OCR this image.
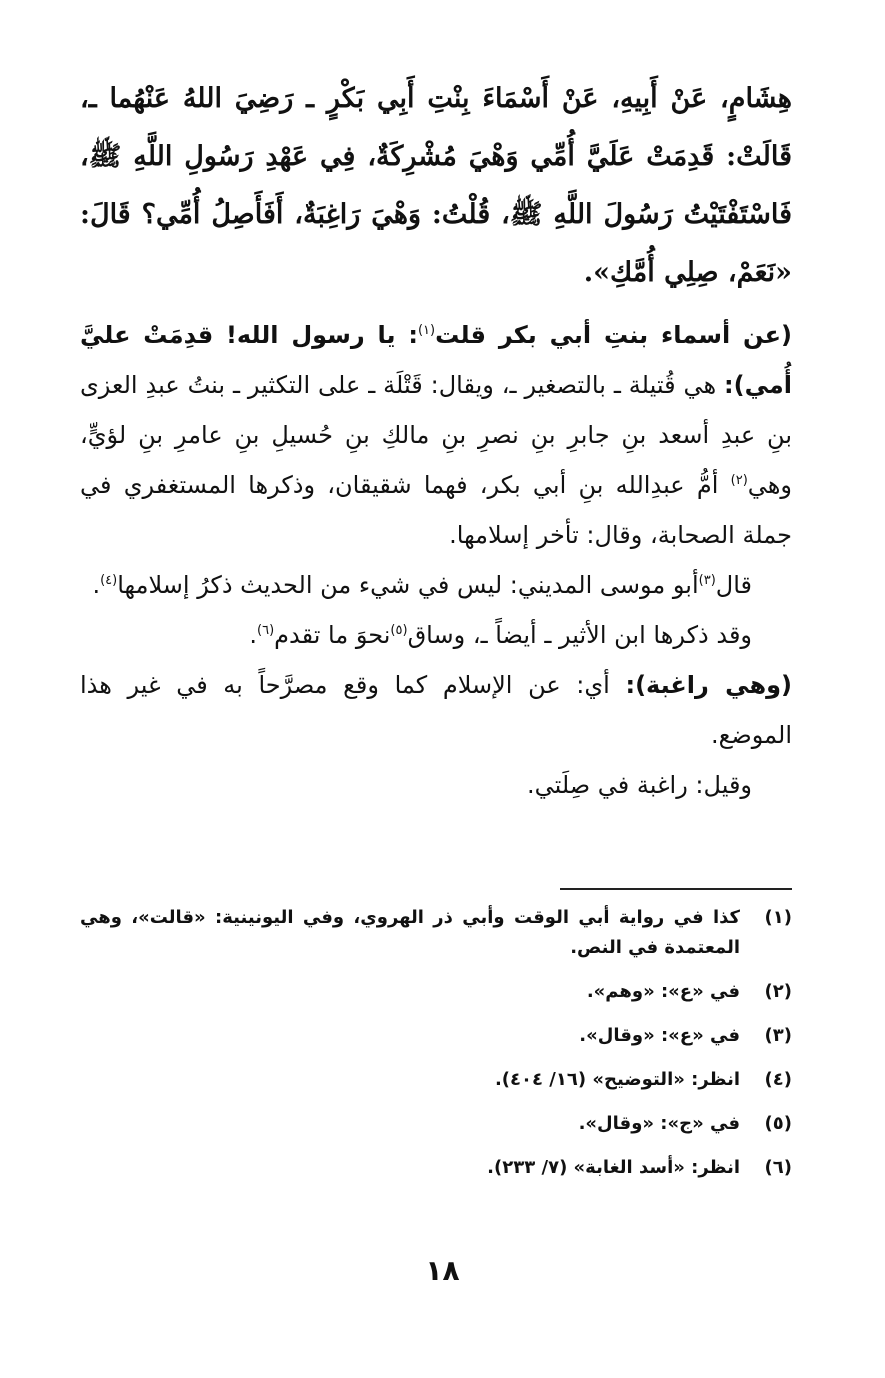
هِشَامٍ، عَنْ أَبِيهِ، عَنْ أَسْمَاءَ بِنْتِ أَبِي بَكْرٍ ـ رَضِيَ اللهُ عَنْهُما ـ، قَالَتْ: قَدِمَتْ عَلَيَّ أُمِّي وَهْيَ مُشْرِكَةٌ، فِي عَهْدِ رَسُولِ اللَّهِ ﷺ، فَاسْتَفْتَيْتُ رَسُولَ اللَّهِ ﷺ، قُلْتُ: وَهْيَ رَاغِبَةٌ، أَفَأَصِلُ أُمِّي؟ قَالَ: «نَعَمْ، صِلِي أُمَّكِ».

(عن أسماء بنتِ أبي بكر قلت$^{(١)}$: يا رسول الله! قدِمَتْ عليَّ أُمي): هي قُتيلة ـ بالتصغير ـ، ويقال: قَتْلَة ـ على التكثير ـ بنتُ عبدِ العزى بنِ عبدِ أسعد بنِ جابرِ بنِ نصرِ بنِ مالكِ بنِ حُسيلِ بنِ عامرِ بنِ لؤيٍّ، وهي$^{(٢)}$ أمُّ عبدِالله بنِ أبي بكر، فهما شقيقان، وذكرها المستغفري في جملة الصحابة، وقال: تأخر إسلامها.

قال$^{(٣)}$أبو موسى المديني: ليس في شيء من الحديث ذكرُ إسلامها$^{(٤)}$.

وقد ذكرها ابن الأثير ـ أيضاً ـ، وساق$^{(٥)}$نحوَ ما تقدم$^{(٦)}$.

(وهي راغبة): أي: عن الإسلام كما وقع مصرَّحاً به في غير هذا الموضع.

وقيل: راغبة في صِلَتي.

(١)
كذا في رواية أبي الوقت وأبي ذر الهروي، وفي اليونينية: «قالت»، وهي المعتمدة في النص.
(٢)
في «ع»: «وهم».
(٣)
في «ع»: «وقال».
(٤)
انظر: «التوضيح» (١٦/ ٤٠٤).
(٥)
في «ج»: «وقال».
(٦)
انظر: «أسد الغابة» (٧/ ٢٣٣).
١٨
